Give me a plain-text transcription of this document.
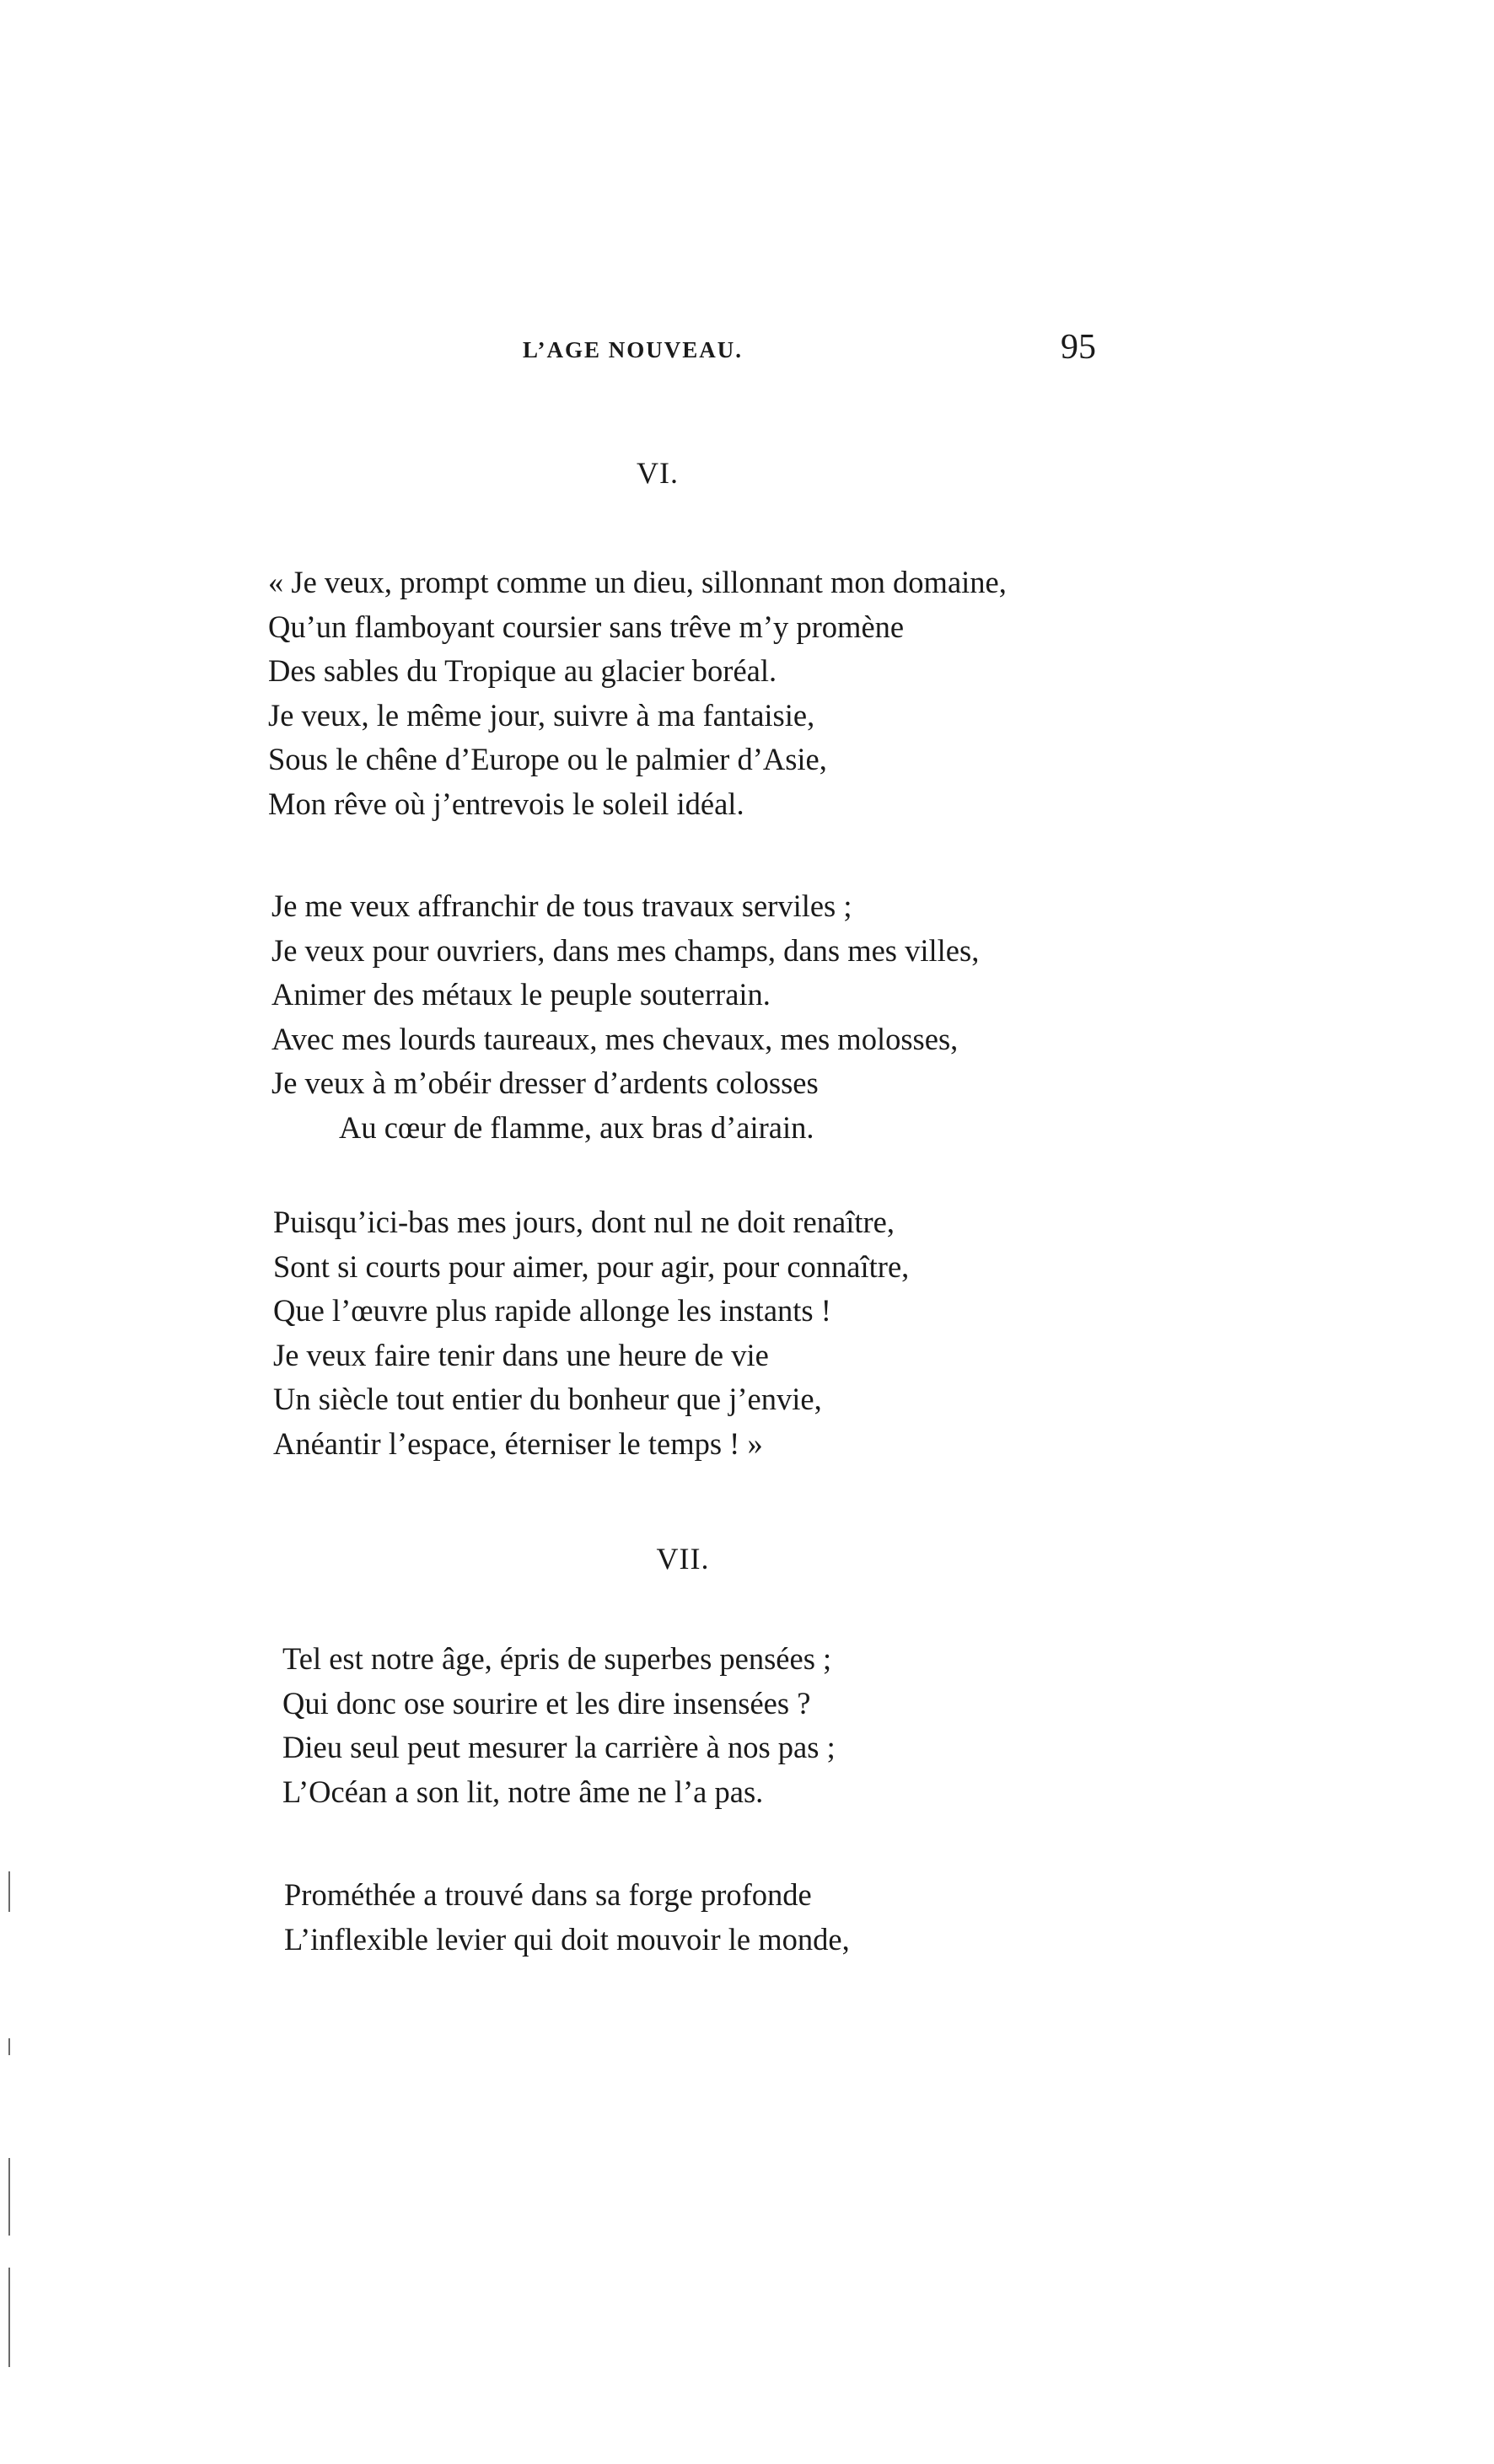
L’AGE NOUVEAU.	95
VI.
« Je veux, prompt comme un dieu, sillonnant mon domaine,
Qu’un flamboyant coursier sans trêve m’y promène
Des sables du Tropique au glacier boréal.
Je veux, le même jour, suivre à ma fantaisie,
Sous le chêne d’Europe ou le palmier d’Asie,
Mon rêve où j’entrevois le soleil idéal.
Je me veux affranchir de tous travaux serviles ;
Je veux pour ouvriers, dans mes champs, dans mes villes,
Animer des métaux le peuple souterrain.
Avec mes lourds taureaux, mes chevaux, mes molosses,
Je veux à m’obéir dresser d’ardents colosses
Au cœur de flamme, aux bras d’airain.
Puisqu’ici-bas mes jours, dont nul ne doit renaître,
Sont si courts pour aimer, pour agir, pour connaître,
Que l’œuvre plus rapide allonge les instants !
Je veux faire tenir dans une heure de vie
Un siècle tout entier du bonheur que j’envie,
Anéantir l’espace, éterniser le temps ! »
VII.
Tel est notre âge, épris de superbes pensées ;
Qui donc ose sourire et les dire insensées ?
Dieu seul peut mesurer la carrière à nos pas ;
L’Océan a son lit, notre âme ne l’a pas.
Prométhée a trouvé dans sa forge profonde
L’inflexible levier qui doit mouvoir le monde,
